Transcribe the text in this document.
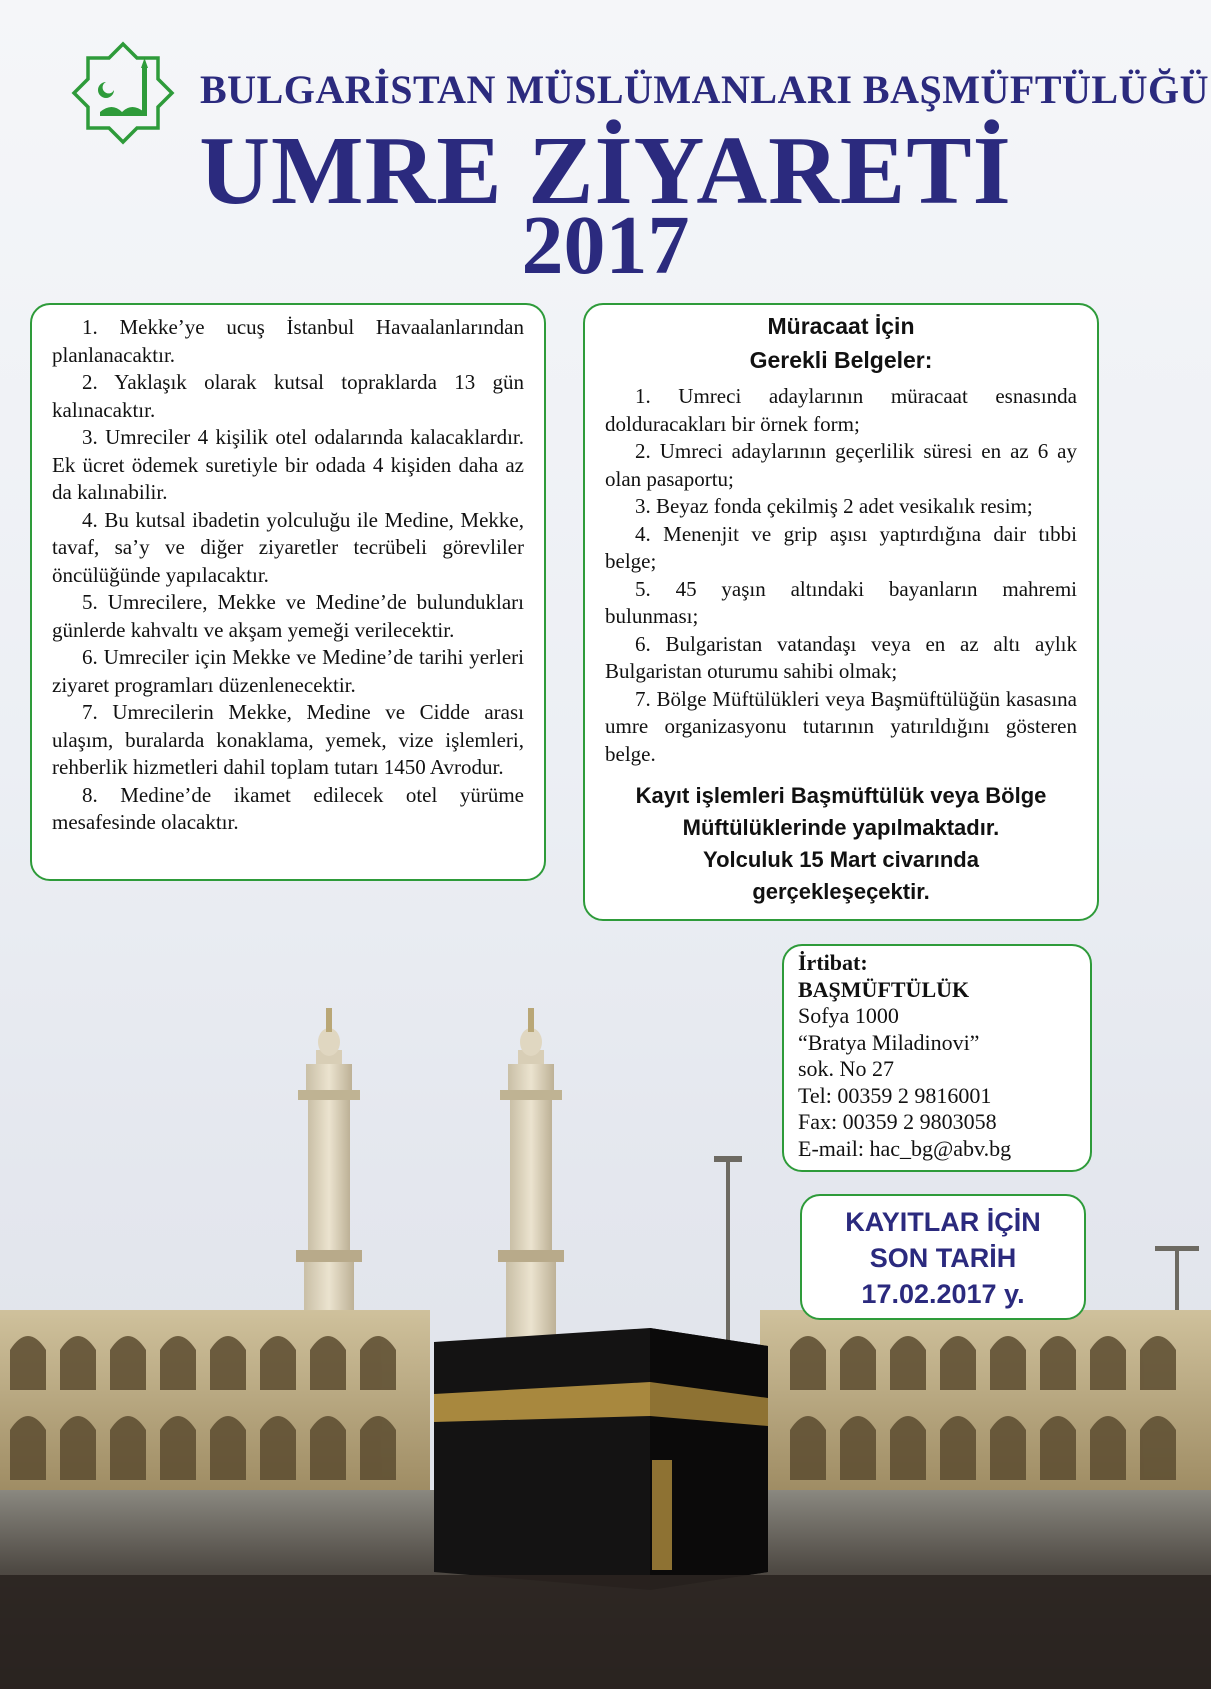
BULGARİSTAN MÜSLÜMANLARI BAŞMÜFTÜLÜĞÜ
UMRE ZİYARETİ
2017

1. Mekke’ye ucuş İstanbul Havaalanlarından planlanacaktır.

2. Yaklaşık olarak kutsal topraklarda 13 gün kalınacaktır.

3. Umreciler 4 kişilik otel odalarında kalacaklardır. Ek ücret ödemek suretiyle bir odada 4 kişiden daha az da kalınabilir.

4. Bu kutsal ibadetin yolculuğu ile Medine, Mekke, tavaf, sa’y ve diğer ziyaretler tecrübeli görevliler öncülüğünde yapılacaktır.

5. Umrecilere, Mekke ve Medine’de bulundukları günlerde kahvaltı ve akşam yemeği verilecektir.

6. Umreciler için Mekke ve Medine’de tarihi yerleri ziyaret programları düzenlenecektir.

7. Umrecilerin Mekke, Medine ve Cidde arası ulaşım, buralarda konaklama, yemek, vize işlemleri, rehberlik hizmetleri dahil toplam tutarı 1450 Avrodur.

8. Medine’de ikamet edilecek otel yürüme mesafesinde olacaktır.

Müracaat İçin
Gerekli Belgeler:

1. Umreci adaylarının müracaat esnasında dolduracakları bir örnek form;

2. Umreci adaylarının geçerlilik süresi en az 6 ay olan pasaportu;

3. Beyaz fonda çekilmiş 2 adet vesikalık resim;

4. Menenjit ve grip aşısı yaptırdığına dair tıbbi belge;

5. 45 yaşın altındaki bayanların mahremi bulunması;

6. Bulgaristan vatandaşı veya en az altı aylık Bulgaristan oturumu sahibi olmak;

7. Bölge Müftülükleri veya Başmüftülüğün kasasına umre organizasyonu tutarının yatırıldığını gösteren belge.

Kayıt işlemleri Başmüftülük veya Bölge
Müftülüklerinde yapılmaktadır.
Yolculuk 15 Mart civarında
gerçekleşeçektir.
İrtibat:
BAŞMÜFTÜLÜK
Sofya 1000
“Bratya Miladinovi”
sok. No 27
Tel: 00359 2 9816001
Fax: 00359 2 9803058
E-mail: hac_bg@abv.bg
KAYITLAR İÇİN
SON TARİH
17.02.2017 y.
